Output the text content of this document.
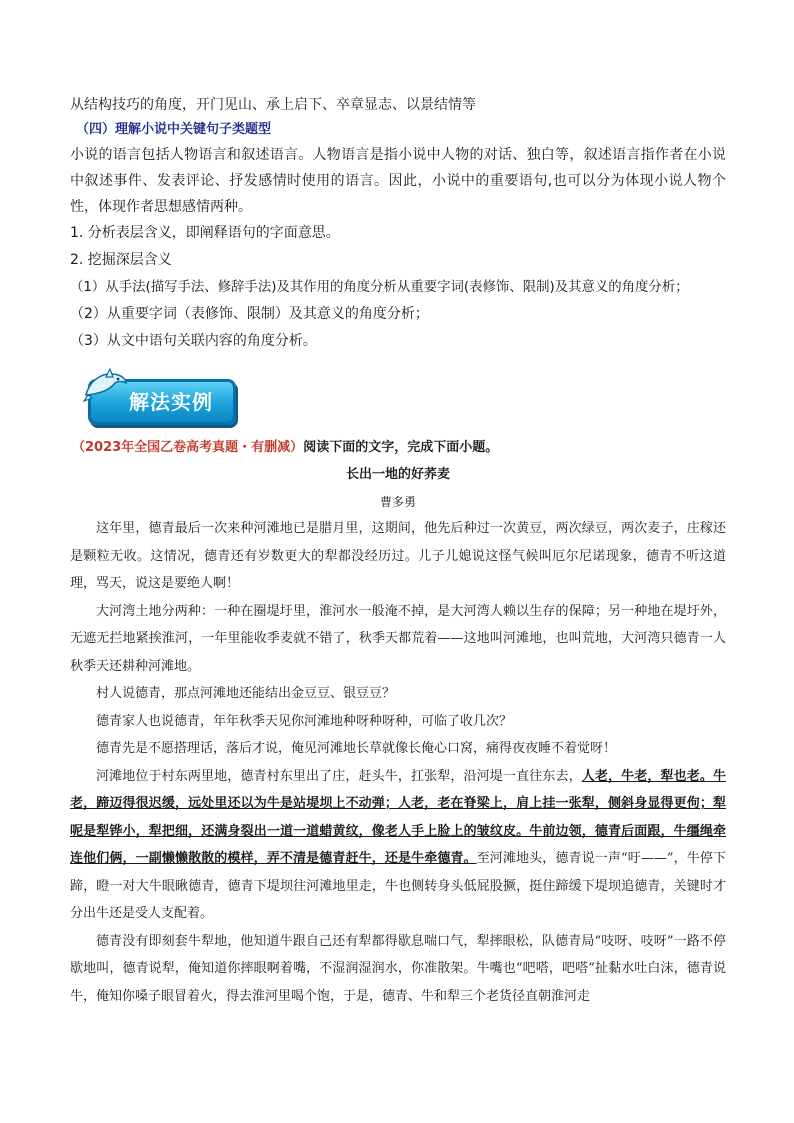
从结构技巧的角度，开门见山、承上启下、卒章显志、以景结情等

（四）理解小说中关键句子类题型

小说的语言包括人物语言和叙述语言。人物语言是指小说中人物的对话、独白等，叙述语言指作者在小说中叙述事件、发表评论、抒发感情时使用的语言。因此，小说中的重要语句,也可以分为体现小说人物个性，体现作者思想感情两种。

1. 分析表层含义，即阐释语句的字面意思。

2. 挖掘深层含义

（1）从手法(描写手法、修辞手法)及其作用的角度分析从重要字词(表修饰、限制)及其意义的角度分析；

（2）从重要字词（表修饰、限制）及其意义的角度分析；

（3）从文中语句关联内容的角度分析。

解法实例

（2023年全国乙卷高考真题・有删减）阅读下面的文字，完成下面小题。

长出一地的好荞麦

曹多勇

这年里，德青最后一次来种河滩地已是腊月里，这期间，他先后种过一次黄豆，两次绿豆，两次麦子，庄稼还是颗粒无收。这情况，德青还有岁数更大的犁都没经历过。儿子儿媳说这怪气候叫厄尔尼诺现象，德青不听这道理，骂天，说这是要绝人啊！

大河湾土地分两种：一种在圈堤圩里，淮河水一般淹不掉，是大河湾人赖以生存的保障；另一种地在堤圩外，无遮无拦地紧挨淮河，一年里能收季麦就不错了，秋季天都荒着——这地叫河滩地，也叫荒地，大河湾只德青一人秋季天还耕种河滩地。

村人说德青，那点河滩地还能结出金豆豆、银豆豆？

德青家人也说德青，年年秋季天见你河滩地种呀种呀种，可临了收几次？

德青先是不愿搭理话，落后才说，俺见河滩地长草就像长俺心口窝，痛得夜夜睡不着觉呀！

河滩地位于村东两里地，德青村东里出了庄，赶头牛，扛张犁，沿河堤一直往东去，人老，牛老，犁也老。牛老，蹄迈得很迟缓，远处里还以为牛是站堤坝上不动弹；人老，老在脊梁上，肩上挂一张犁，侧斜身显得更佝；犁呢是犁铧小，犁把细，还满身裂出一道一道蜡黄纹，像老人手上脸上的皱纹皮。牛前边领，德青后面跟，牛缰绳牵连他们俩，一副懒懒散散的模样，弄不清是德青赶牛，还是牛牵德青。至河滩地头，德青说一声“吁——”，牛停下蹄，瞪一对大牛眼瞅德青，德青下堤坝往河滩地里走，牛也侧转身头低屁股撅，挺住蹄缓下堤坝追德青，关键时才分出牛还是受人支配着。

德青没有即刻套牛犁地，他知道牛跟自己还有犁都得歇息喘口气，犁摔眼松，队德青局“吱呀、吱呀”一路不停歇地叫，德青说犁，俺知道你摔眼啊着嘴，不湿润湿润水，你准散架。牛嘴也“吧嗒，吧嗒”扯黏水吐白沫，德青说牛，俺知你嗓子眼冒着火，得去淮河里喝个饱，于是，德青、牛和犁三个老货径直朝淮河走
